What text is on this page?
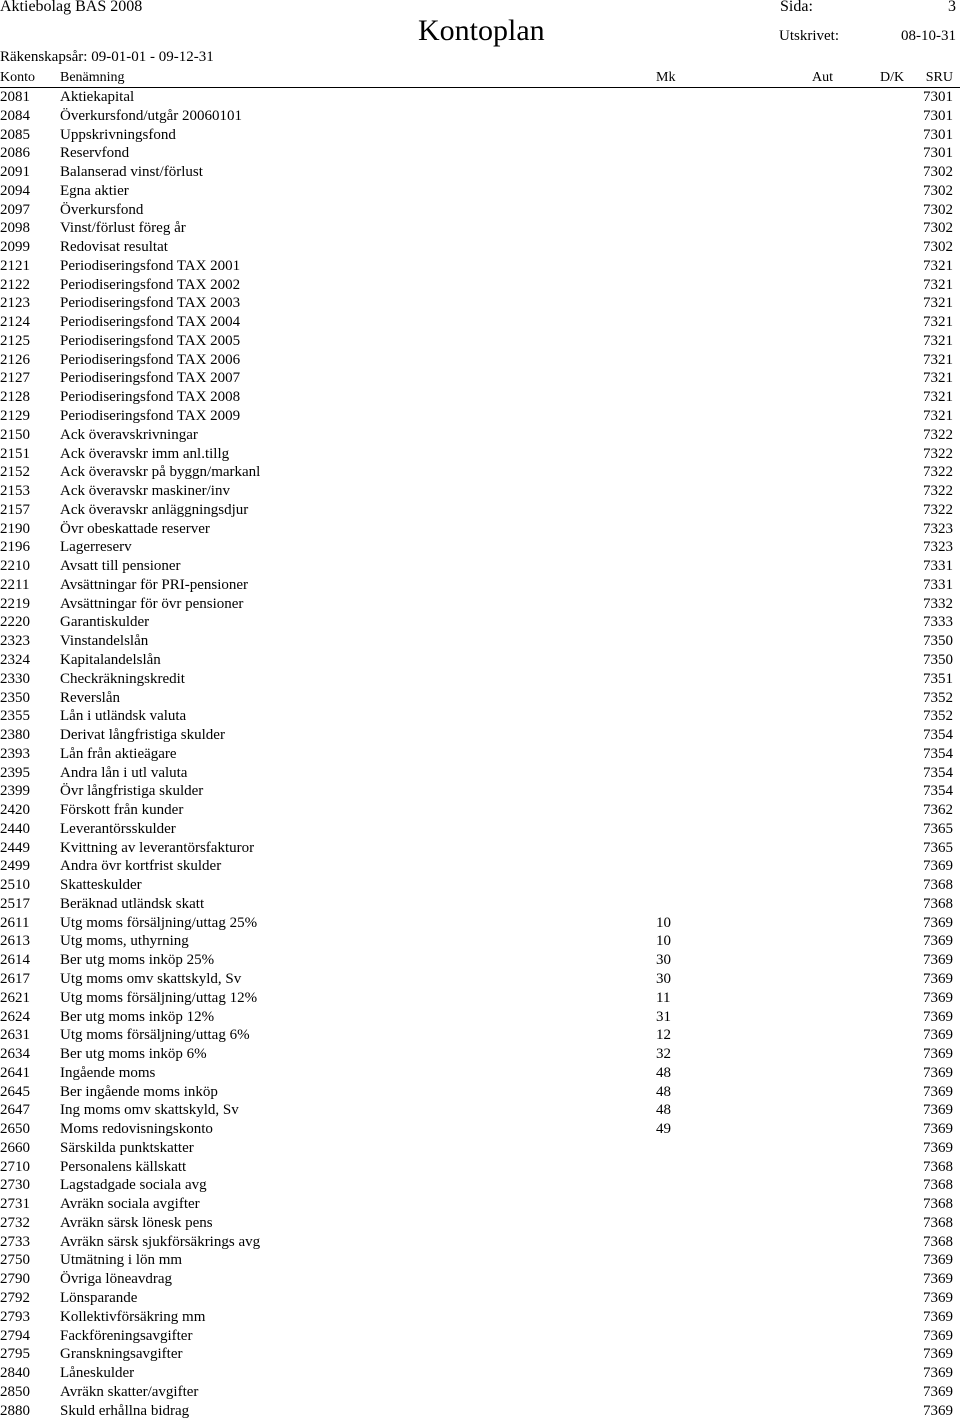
Aktiebolag BAS 2008	Sida:	3
Kontoplan	Utskrivet:	08-10-31
Räkenskapsår: 09-01-01 - 09-12-31
Konto Benämning	Mk	Aut	D/K SRU
2081 Aktiekapital	7301
2084 Överkursfond/utgår 20060101	7301
2085 Uppskrivningsfond	7301
2086 Reservfond	7301
2091 Balanserad vinst/förlust	7302
2094 Egna aktier	7302
2097 Överkursfond	7302
2098 Vinst/förlust föreg år	7302
2099 Redovisat resultat	7302
2121 Periodiseringsfond TAX 2001	7321
2122 Periodiseringsfond TAX 2002	7321
2123 Periodiseringsfond TAX 2003	7321
2124 Periodiseringsfond TAX 2004	7321
2125 Periodiseringsfond TAX 2005	7321
2126 Periodiseringsfond TAX 2006	7321
2127 Periodiseringsfond TAX 2007	7321
2128 Periodiseringsfond TAX 2008	7321
2129 Periodiseringsfond TAX 2009	7321
2150 Ack överavskrivningar	7322
2151 Ack överavskr imm anl.tillg	7322
2152 Ack överavskr på byggn/markanl	7322
2153 Ack överavskr maskiner/inv	7322
2157 Ack överavskr anläggningsdjur	7322
2190 Övr obeskattade reserver	7323
2196 Lagerreserv	7323
2210 Avsatt till pensioner	7331
2211 Avsättningar för PRI-pensioner	7331
2219 Avsättningar för övr pensioner	7332
2220 Garantiskulder	7333
2323 Vinstandelslån	7350
2324 Kapitalandelslån	7350
2330 Checkräkningskredit	7351
2350 Reverslån	7352
2355 Lån i utländsk valuta	7352
2380 Derivat långfristiga skulder	7354
2393 Lån från aktieägare	7354
2395 Andra lån i utl valuta	7354
2399 Övr långfristiga skulder	7354
2420 Förskott från kunder	7362
2440 Leverantörsskulder	7365
2449 Kvittning av leverantörsfakturor	7365
2499 Andra övr kortfrist skulder	7369
2510 Skatteskulder	7368
2517 Beräknad utländsk skatt	7368
2611 Utg moms försäljning/uttag 25%	10	7369
2613 Utg moms, uthyrning	10	7369
2614 Ber utg moms inköp 25%	30	7369
2617 Utg moms omv skattskyld, Sv	30	7369
2621 Utg moms försäljning/uttag 12%	11	7369
2624 Ber utg moms inköp 12%	31	7369
2631 Utg moms försäljning/uttag 6%	12	7369
2634 Ber utg moms inköp 6%	32	7369
2641 Ingående moms	48	7369
2645 Ber ingående moms inköp	48	7369
2647 Ing moms omv skattskyld, Sv	48	7369
2650 Moms redovisningskonto	49	7369
2660 Särskilda punktskatter	7369
2710 Personalens källskatt	7368
2730 Lagstadgade sociala avg	7368
2731 Avräkn sociala avgifter	7368
2732 Avräkn särsk lönesk pens	7368
2733 Avräkn särsk sjukförsäkrings avg	7368
2750 Utmätning i lön mm	7369
2790 Övriga löneavdrag	7369
2792 Lönsparande	7369
2793 Kollektivförsäkring mm	7369
2794 Fackföreningsavgifter	7369
2795 Granskningsavgifter	7369
2840 Låneskulder	7369
2850 Avräkn skatter/avgifter	7369
2880 Skuld erhållna bidrag	7369
